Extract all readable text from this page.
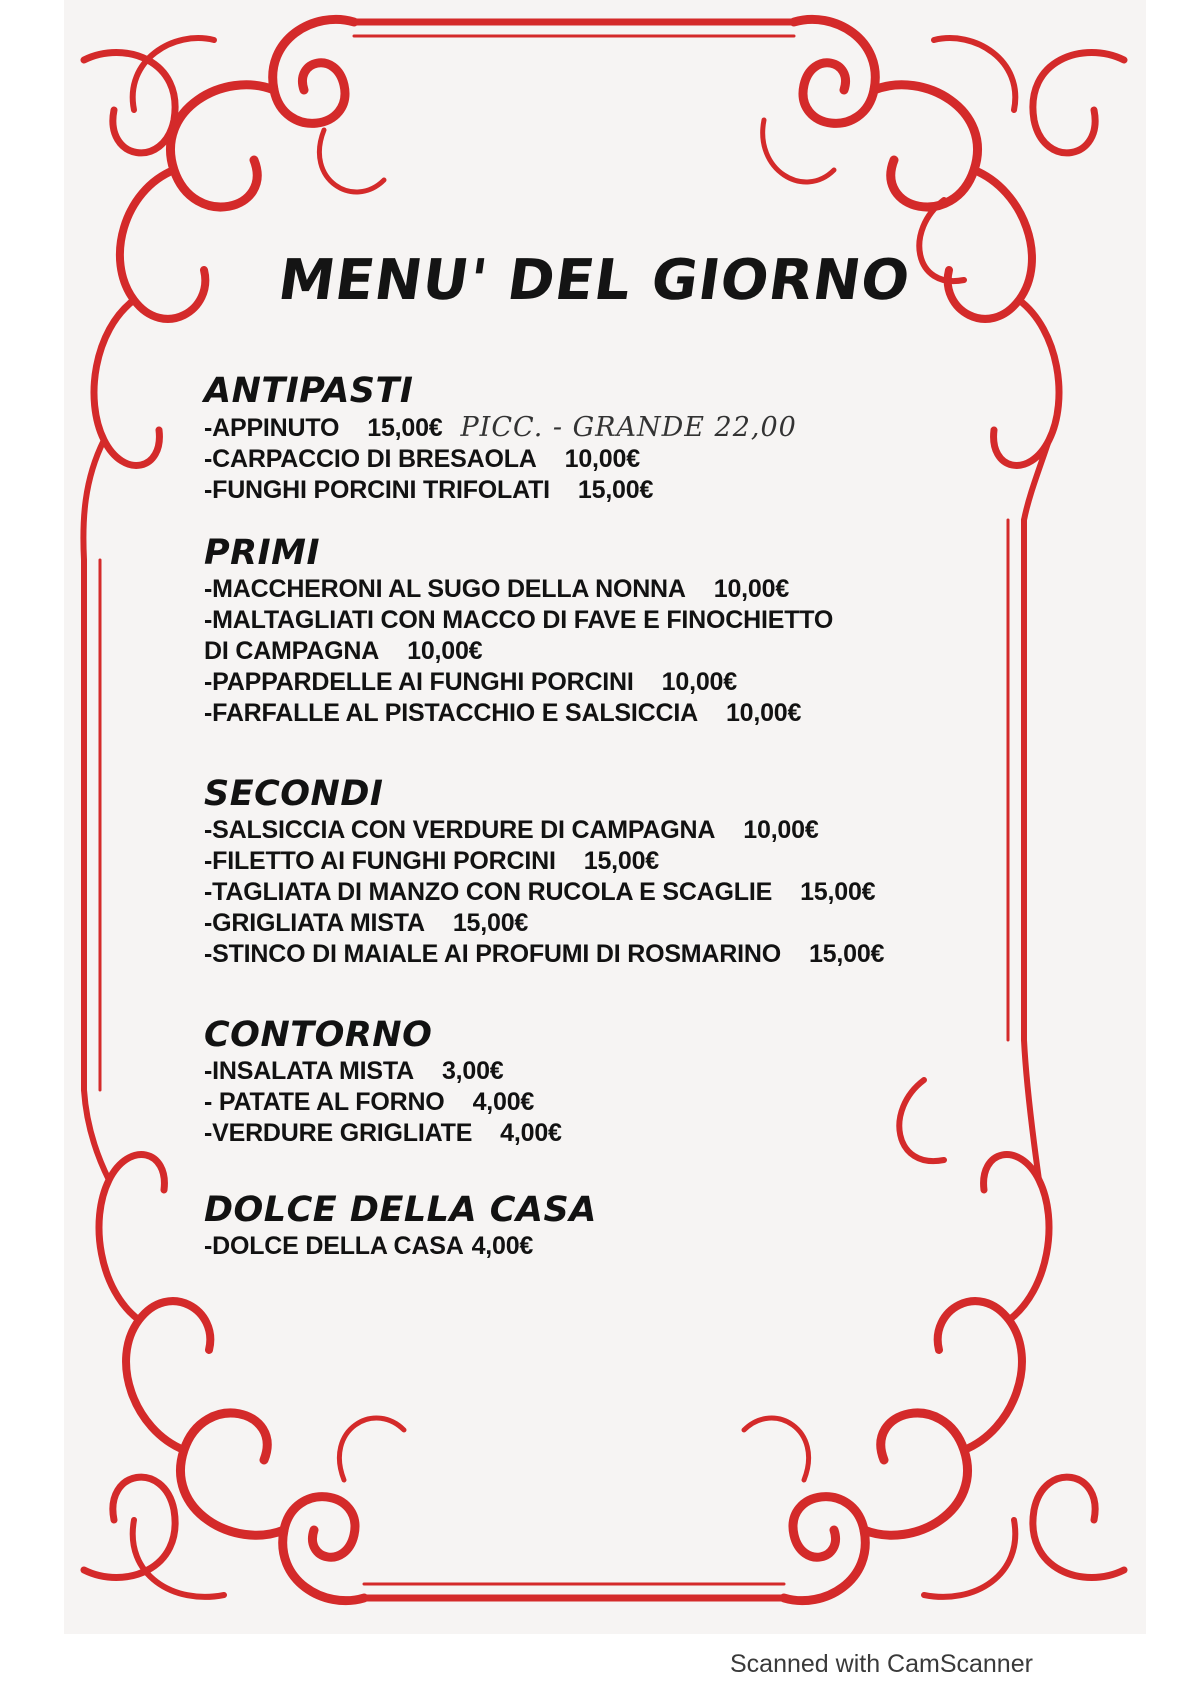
MENU' DEL GIORNO
ANTIPASTI

-APPINUTO 15,00€ PICC. - GRANDE 22,00

-CARPACCIO DI BRESAOLA 10,00€

-FUNGHI PORCINI TRIFOLATI 15,00€

PRIMI

-MACCHERONI AL SUGO DELLA NONNA 10,00€

-MALTAGLIATI CON MACCO DI FAVE E FINOCHIETTO

DI CAMPAGNA 10,00€

-PAPPARDELLE AI FUNGHI PORCINI 10,00€

-FARFALLE AL PISTACCHIO E SALSICCIA 10,00€

SECONDI

-SALSICCIA CON VERDURE DI CAMPAGNA 10,00€

-FILETTO AI FUNGHI PORCINI 15,00€

-TAGLIATA DI MANZO CON RUCOLA E SCAGLIE 15,00€

-GRIGLIATA MISTA 15,00€

-STINCO DI MAIALE AI PROFUMI DI ROSMARINO 15,00€

CONTORNO

-INSALATA MISTA 3,00€

- PATATE AL FORNO 4,00€

-VERDURE GRIGLIATE 4,00€

DOLCE DELLA CASA

-DOLCE DELLA CASA 4,00€

Scanned with CamScanner
